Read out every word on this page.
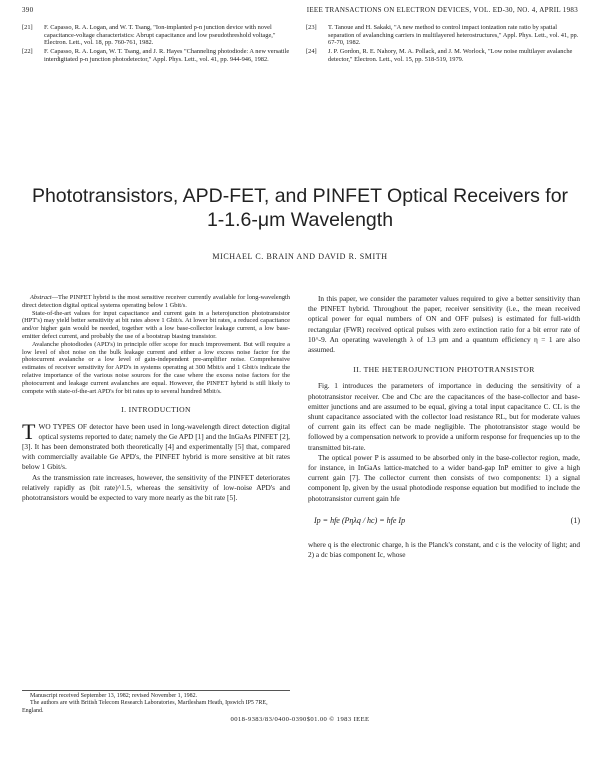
390	IEEE TRANSACTIONS ON ELECTRON DEVICES, VOL. ED-30, NO. 4, APRIL 1983
[21] F. Capasso, R. A. Logan, and W. T. Tsang, "Ion-implanted p-n junction device with novel capacitance-voltage characteristics: Abrupt capacitance and low pseudothreshold voltage," Electron. Lett., vol. 18, pp. 760-761, 1982.
[22] F. Capasso, R. A. Logan, W. T. Tsang, and J. R. Hayes "Channeling photodiode: A new versatile interdigitated p-n junction photodetector," Appl. Phys. Lett., vol. 41, pp. 944-946, 1982.
[23] T. Tanoue and H. Sakaki, "A new method to control impact ionization rate ratio by spatial separation of avalanching carriers in multilayered heterostructures," Appl. Phys. Lett., vol. 41, pp. 67-70, 1982.
[24] J. P. Gordon, R. E. Nahory, M. A. Pollack, and J. M. Worlock, "Low noise multilayer avalanche detector," Electron. Lett., vol. 15, pp. 518-519, 1979.
Phototransistors, APD-FET, and PINFET Optical Receivers for 1-1.6-μm Wavelength
MICHAEL C. BRAIN AND DAVID R. SMITH

Abstract—The PINFET hybrid is the most sensitive receiver currently available for long-wavelength direct detection digital optical systems operating below 1 Gbit/s.

State-of-the-art values for input capacitance and current gain in a heterojunction phototransistor (HPT's) may yield better sensitivity at bit rates above 1 Gbit/s. At lower bit rates, a reduced capacitance and/or higher gain would be needed, together with a low base-collector leakage current, a low base-emitter defect current, and probably the use of a bootstrap biasing transistor.

Avalanche photodiodes (APD's) in principle offer scope for much improvement. But will require a low level of shot noise on the bulk leakage current and either a low excess noise factor for the photocurrent avalanche or a low level of gain-independent pre-amplifier noise. Comprehensive estimates of receiver sensitivity for APD's in systems operating at 300 Mbit/s and 1 Gbit/s indicate the relative importance of the various noise sources for the case where the excess noise factors for the photocurrent and leakage current avalanches are equal. However, the PINFET hybrid is still likely to compete with state-of-the-art APD's for bit rates up to several hundred Mbit/s.

I. INTRODUCTION

TWO TYPES OF detector have been used in long-wavelength direct detection digital optical systems reported to date; namely the Ge APD [1] and the InGaAs PINFET [2], [3]. It has been demonstrated both theoretically [4] and experimentally [5] that, compared with commercially available Ge APD's, the PINFET hybrid is more sensitive at bit rates below 1 Gbit/s.

As the transmission rate increases, however, the sensitivity of the PINFET deteriorates relatively rapidly as (bit rate)^1.5, whereas the sensitivity of low-noise APD's and phototransistors would be expected to vary more nearly as the bit rate [5].

In this paper, we consider the parameter values required to give a better sensitivity than the PINFET hybrid. Throughout the paper, receiver sensitivity (i.e., the mean received optical power for equal numbers of ON and OFF pulses) is estimated for full-width rectangular (FWR) received optical pulses with zero extinction ratio for a bit error rate of 10^-9. An operating wavelength λ of 1.3 μm and a quantum efficiency η = 1 are also assumed.

II. THE HETEROJUNCTION PHOTOTRANSISTOR

Fig. 1 introduces the parameters of importance in deducing the sensitivity of a phototransistor receiver. Cbe and Cbc are the capacitances of the base-collector and base-emitter junctions and are assumed to be equal, giving a total input capacitance C. CL is the shunt capacitance associated with the collector load resistance RL, but for moderate values of current gain its effect can be made negligible. The phototransistor stage would be followed by a compensation network to provide a uniform response for frequencies up to the transmitted bit-rate.

The optical power P is assumed to be absorbed only in the base-collector region, made, for instance, in InGaAs lattice-matched to a wider band-gap InP emitter to give a high current gain [7]. The collector current then consists of two components: 1) a signal component Ip, given by the usual photodiode response equation but modified to include the phototransistor current gain hfe

Ip = hfe (Pηλq / hc) = hfe Ip	(1)

where q is the electronic charge, h is the Planck's constant, and c is the velocity of light; and 2) a dc bias component Ic, whose

Manuscript received September 13, 1982; revised November 1, 1982.

The authors are with British Telecom Research Laboratories, Martlesham Heath, Ipswich IP5 7RE, England.

0018-9383/83/0400-0390$01.00 © 1983 IEEE
